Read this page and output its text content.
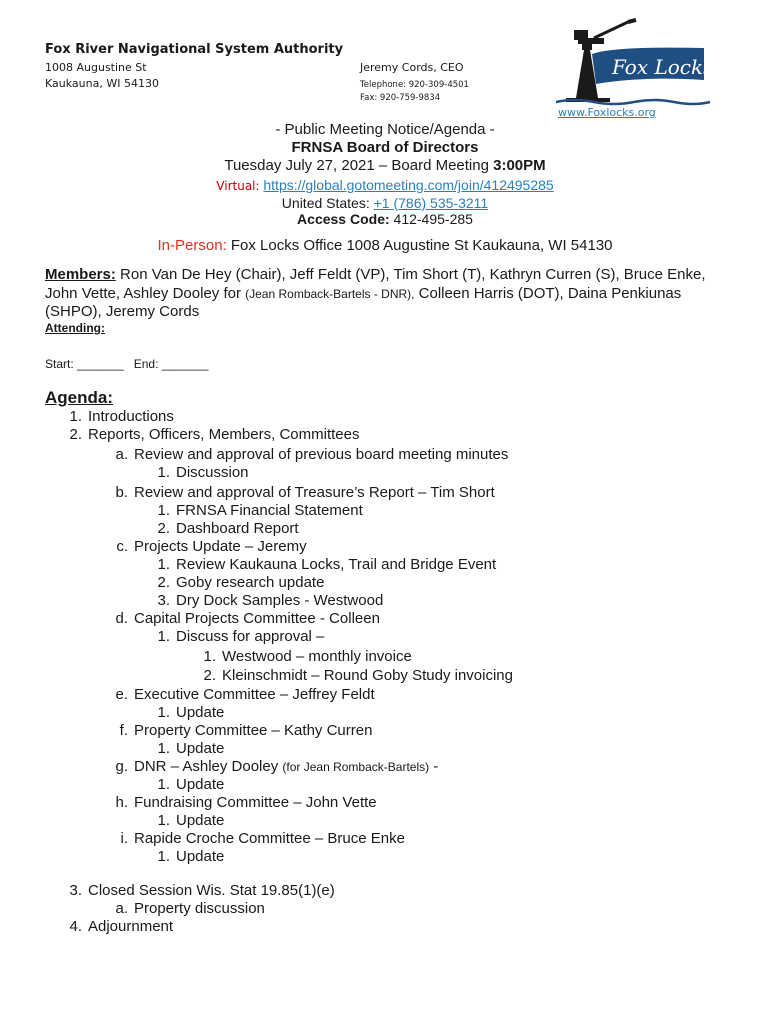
Fox River Navigational System Authority
1008 Augustine St
Kaukauna, WI 54130
Jeremy Cords, CEO
Telephone: 920-309-4501
Fax: 920-759-9834
Fox Locks
www.Foxlocks.org
- Public Meeting Notice/Agenda -
FRNSA Board of Directors
Tuesday July 27, 2021 – Board Meeting 3:00PM
Virtual: https://global.gotomeeting.com/join/412495285
United States: +1 (786) 535-3211
Access Code: 412-495-285
In-Person: Fox Locks Office 1008 Augustine St Kaukauna, WI 54130
Members: Ron Van De Hey (Chair), Jeff Feldt (VP), Tim Short (T), Kathryn Curren (S), Bruce Enke, John Vette, Ashley Dooley for (Jean Romback-Bartels - DNR), Colleen Harris (DOT), Daina Penkiunas (SHPO), Jeremy Cords
Attending:
Start: _______   End: _______
Agenda:
1. Introductions
2. Reports, Officers, Members, Committees
a. Review and approval of previous board meeting minutes
1. Discussion
b. Review and approval of Treasure’s Report – Tim Short
1. FRNSA Financial Statement
2. Dashboard Report
c. Projects Update – Jeremy
1. Review Kaukauna Locks, Trail and Bridge Event
2. Goby research update
3. Dry Dock Samples - Westwood
d. Capital Projects Committee - Colleen
1. Discuss for approval –
1. Westwood – monthly invoice
2. Kleinschmidt – Round Goby Study invoicing
e. Executive Committee – Jeffrey Feldt
1. Update
f. Property Committee – Kathy Curren
1. Update
g. DNR – Ashley Dooley (for Jean Romback-Bartels) -
1. Update
h. Fundraising Committee – John Vette
1. Update
i. Rapide Croche Committee – Bruce Enke
1. Update
3. Closed Session Wis. Stat 19.85(1)(e)
a. Property discussion
4. Adjournment
